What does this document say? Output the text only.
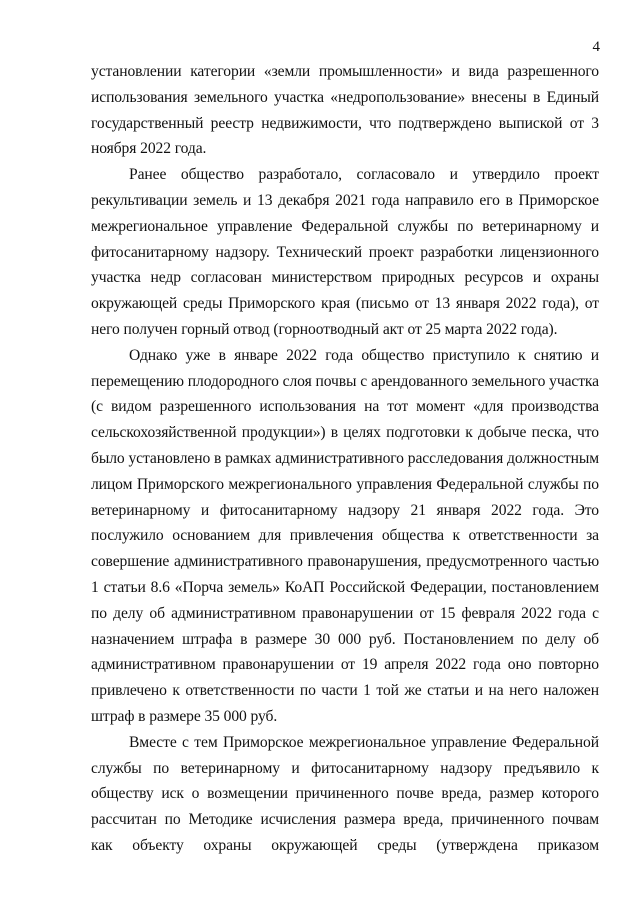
4

установлении категории «земли промышленности» и вида разрешенного
использования земельного участка «недропользование» внесены в Единый
государственный реестр недвижимости, что подтверждено выпиской от 3
ноября 2022 года.

Ранее общество разработало, согласовало и утвердило проект
рекультивации земель и 13 декабря 2021 года направило его в Приморское
межрегиональное управление Федеральной службы по ветеринарному и
фитосанитарному надзору. Технический проект разработки лицензионного
участка недр согласован министерством природных ресурсов и охраны
окружающей среды Приморского края (письмо от 13 января 2022 года), от
него получен горный отвод (горноотводный акт от 25 марта 2022 года).

Однако уже в январе 2022 года общество приступило к снятию и
перемещению плодородного слоя почвы с арендованного земельного участка
(с видом разрешенного использования на тот момент «для производства
сельскохозяйственной продукции») в целях подготовки к добыче песка, что
было установлено в рамках административного расследования должностным
лицом Приморского межрегионального управления Федеральной службы по
ветеринарному и фитосанитарному надзору 21 января 2022 года. Это
послужило основанием для привлечения общества к ответственности за
совершение административного правонарушения, предусмотренного частью
1 статьи 8.6 «Порча земель» КоАП Российской Федерации, постановлением
по делу об административном правонарушении от 15 февраля 2022 года с
назначением штрафа в размере 30 000 руб. Постановлением по делу об
административном правонарушении от 19 апреля 2022 года оно повторно
привлечено к ответственности по части 1 той же статьи и на него наложен
штраф в размере 35 000 руб.

Вместе с тем Приморское межрегиональное управление Федеральной
службы по ветеринарному и фитосанитарному надзору предъявило к
обществу иск о возмещении причиненного почве вреда, размер которого
рассчитан по Методике исчисления размера вреда, причиненного почвам
как объекту охраны окружающей среды (утверждена приказом
